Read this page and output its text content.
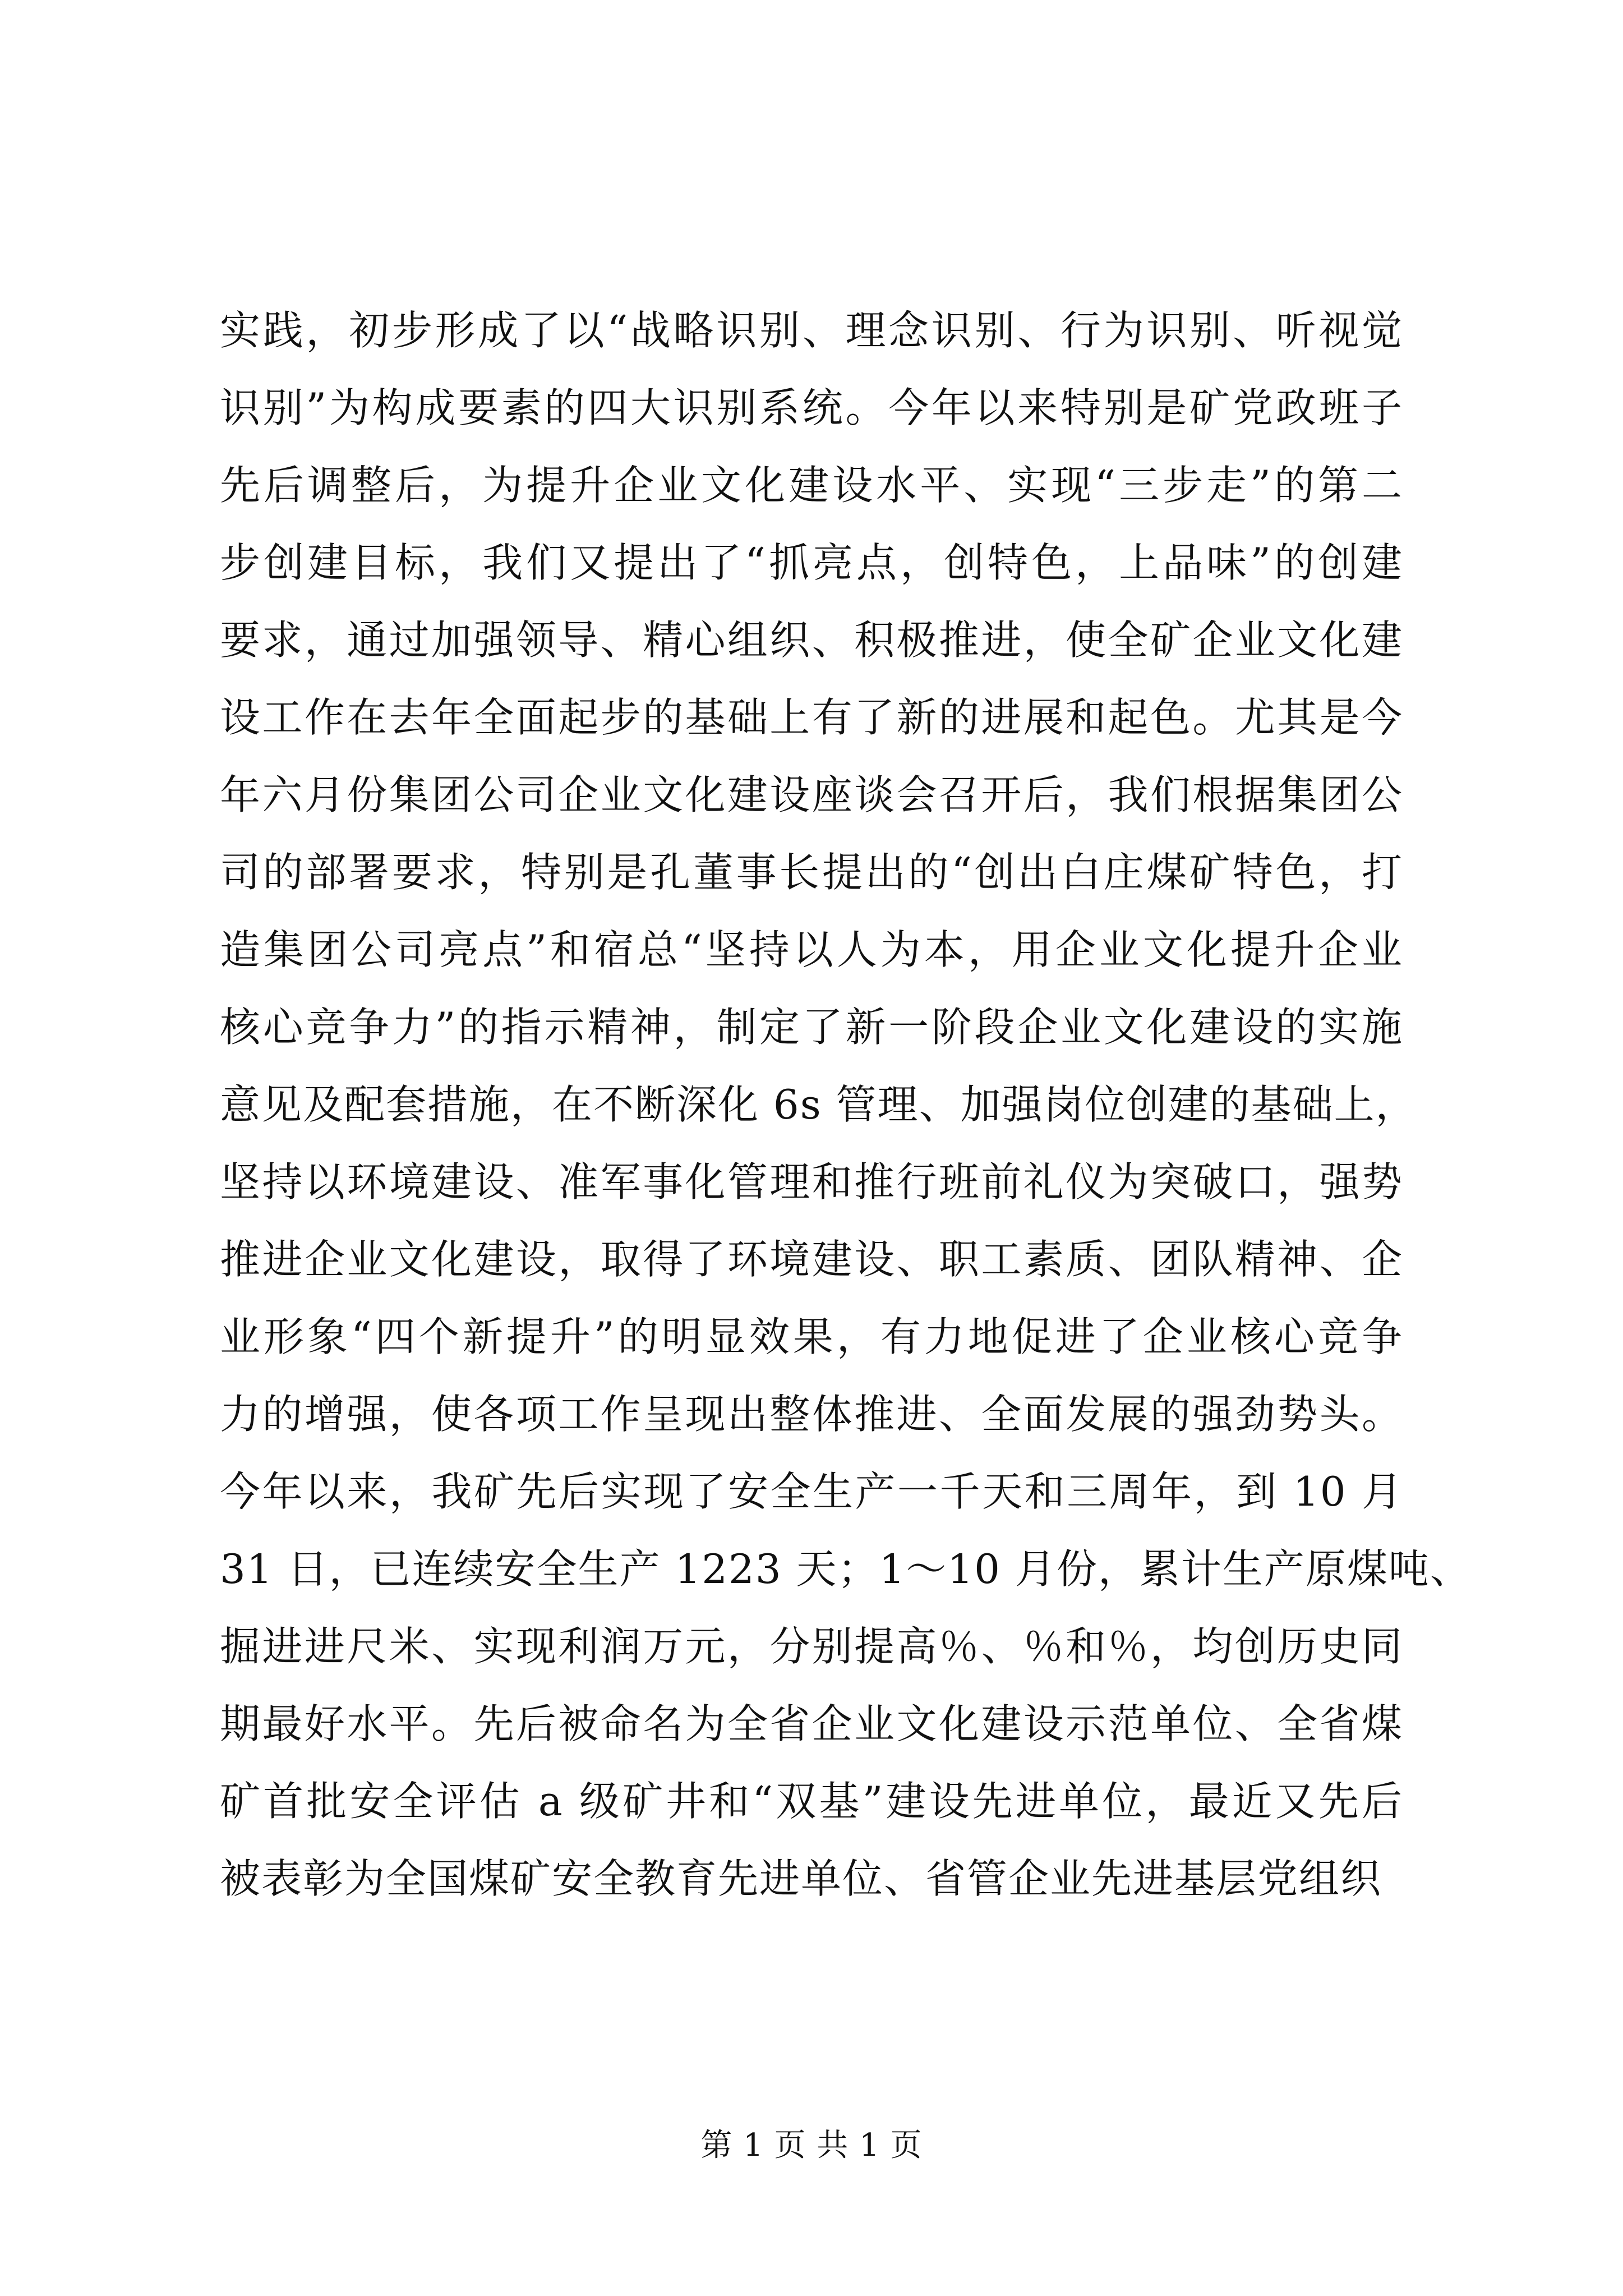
实践，初步形成了以“战略识别、理念识别、行为识别、听视觉
识别”为构成要素的四大识别系统。今年以来特别是矿党政班子
先后调整后，为提升企业文化建设水平、实现“三步走”的第二
步创建目标，我们又提出了“抓亮点，创特色，上品味”的创建
要求，通过加强领导、精心组织、积极推进，使全矿企业文化建
设工作在去年全面起步的基础上有了新的进展和起色。尤其是今
年六月份集团公司企业文化建设座谈会召开后，我们根据集团公
司的部署要求，特别是孔董事长提出的“创出白庄煤矿特色，打
造集团公司亮点”和宿总“坚持以人为本，用企业文化提升企业
核心竞争力”的指示精神，制定了新一阶段企业文化建设的实施
意见及配套措施，在不断深化 6s 管理、加强岗位创建的基础上，
坚持以环境建设、准军事化管理和推行班前礼仪为突破口，强势
推进企业文化建设，取得了环境建设、职工素质、团队精神、企
业形象“四个新提升”的明显效果，有力地促进了企业核心竞争
力的增强，使各项工作呈现出整体推进、全面发展的强劲势头。
今年以来，我矿先后实现了安全生产一千天和三周年，到 10 月
31 日，已连续安全生产 1223 天；1～10 月份，累计生产原煤吨、
掘进进尺米、实现利润万元，分别提高％、％和％，均创历史同
期最好水平。先后被命名为全省企业文化建设示范单位、全省煤
矿首批安全评估 a 级矿井和“双基”建设先进单位，最近又先后
被表彰为全国煤矿安全教育先进单位、省管企业先进基层党组织
第 1 页 共 1 页
